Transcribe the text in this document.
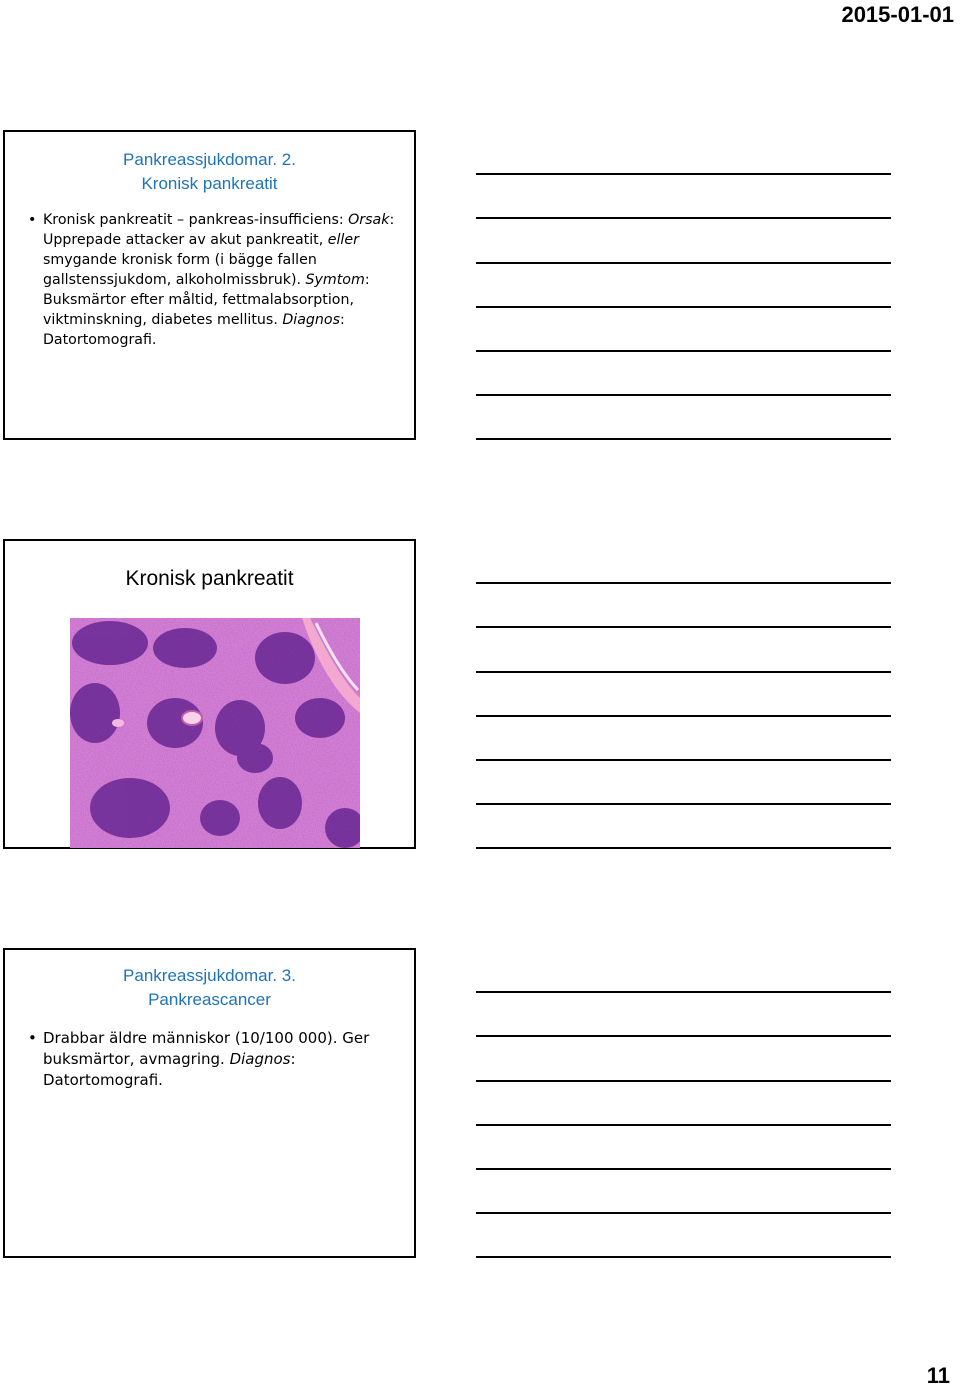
2015-01-01
Pankreassjukdomar. 2.
Kronisk pankreatit
• Kronisk pankreatit – pankreas-insufficiens: Orsak: Upprepade attacker av akut pankreatit, eller smygande kronisk form (i bägge fallen gallstenssjukdom, alkoholmissbruk). Symtom: Buksmärtor efter måltid, fettmalabsorption, viktminskning, diabetes mellitus. Diagnos: Datortomografi.
Kronisk pankreatit
Pankreassjukdomar. 3.
Pankreascancer
• Drabbar äldre människor (10/100 000). Ger buksmärtor, avmagring. Diagnos: Datortomografi.
11
